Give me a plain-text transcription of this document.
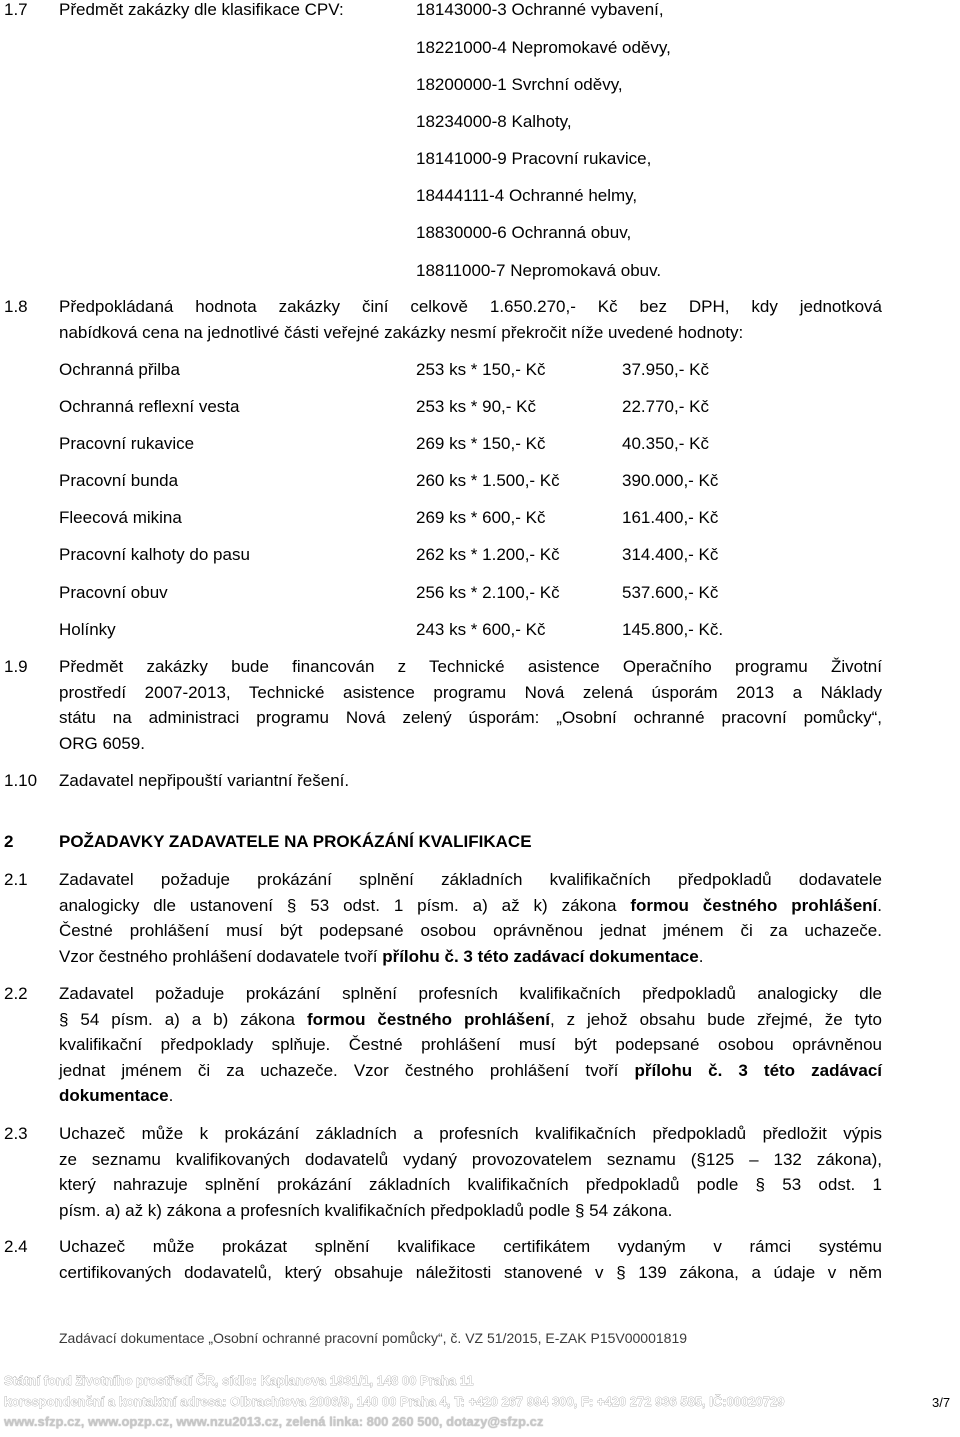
1.7 Předmět zakázky dle klasifikace CPV:	18143000-3 Ochranné vybavení,
18221000-4 Nepromokavé oděvy,
18200000-1 Svrchní oděvy,
18234000-8 Kalhoty,
18141000-9 Pracovní rukavice,
18444111-4 Ochranné helmy,
18830000-6 Ochranná obuv,
18811000-7 Nepromokavá obuv.
1.8 Předpokládaná hodnota zakázky činí celkově 1.650.270,- Kč bez DPH, kdy jednotková
nabídková cena na jednotlivé části veřejné zakázky nesmí překročit níže uvedené hodnoty:
Ochranná přilba	253 ks * 150,- Kč	37.950,- Kč
Ochranná reflexní vesta	253 ks * 90,- Kč	22.770,- Kč
Pracovní rukavice	269 ks * 150,- Kč	40.350,- Kč
Pracovní bunda	260 ks * 1.500,- Kč	390.000,- Kč
Fleecová mikina	269 ks * 600,- Kč	161.400,- Kč
Pracovní kalhoty do pasu	262 ks * 1.200,- Kč	314.400,- Kč
Pracovní obuv	256 ks * 2.100,- Kč	537.600,- Kč
Holínky	243 ks * 600,- Kč	145.800,- Kč.
1.9 Předmět zakázky bude financován z Technické asistence Operačního programu Životní
prostředí 2007-2013, Technické asistence programu Nová zelená úsporám 2013 a Náklady
státu na administraci programu Nová zelený úsporám: „Osobní ochranné pracovní pomůcky“,
ORG 6059.
1.10 Zadavatel nepřipouští variantní řešení.
2	POŽADAVKY ZADAVATELE NA PROKÁZÁNÍ KVALIFIKACE
2.1 Zadavatel požaduje prokázání splnění základních kvalifikačních předpokladů dodavatele
analogicky dle ustanovení § 53 odst. 1 písm. a) až k) zákona formou čestného prohlášení.
Čestné prohlášení musí být podepsané osobou oprávněnou jednat jménem či za uchazeče.
Vzor čestného prohlášení dodavatele tvoří přílohu č. 3 této zadávací dokumentace.
2.2 Zadavatel požaduje prokázání splnění profesních kvalifikačních předpokladů analogicky dle
§ 54 písm. a) a b) zákona formou čestného prohlášení, z jehož obsahu bude zřejmé, že tyto
kvalifikační předpoklady splňuje. Čestné prohlášení musí být podepsané osobou oprávněnou
jednat jménem či za uchazeče. Vzor čestného prohlášení tvoří přílohu č. 3 této zadávací
dokumentace.
2.3 Uchazeč může k prokázání základních a profesních kvalifikačních předpokladů předložit výpis
ze seznamu kvalifikovaných dodavatelů vydaný provozovatelem seznamu (§125 – 132 zákona),
který nahrazuje splnění prokázání základních kvalifikačních předpokladů podle § 53 odst. 1
písm. a) až k) zákona a profesních kvalifikačních předpokladů podle § 54 zákona.
2.4 Uchazeč může prokázat splnění kvalifikace certifikátem vydaným v rámci systému
certifikovaných dodavatelů, který obsahuje náležitosti stanovené v § 139 zákona, a údaje v něm
Zadávací dokumentace „Osobní ochranné pracovní pomůcky“, č. VZ 51/2015, E-ZAK P15V00001819
Státní fond životního prostředí ČR, sídlo: Kaplanova 1931/1, 148 00 Praha 11
korespondenční a kontaktní adresa: Olbrachtova 2006/9, 140 00 Praha 4, T: +420 267 994 300, F: +420 272 936 585, IČ:00020729
www.sfzp.cz, www.opzp.cz, www.nzu2013.cz, zelená linka: 800 260 500, dotazy@sfzp.cz
3/7
